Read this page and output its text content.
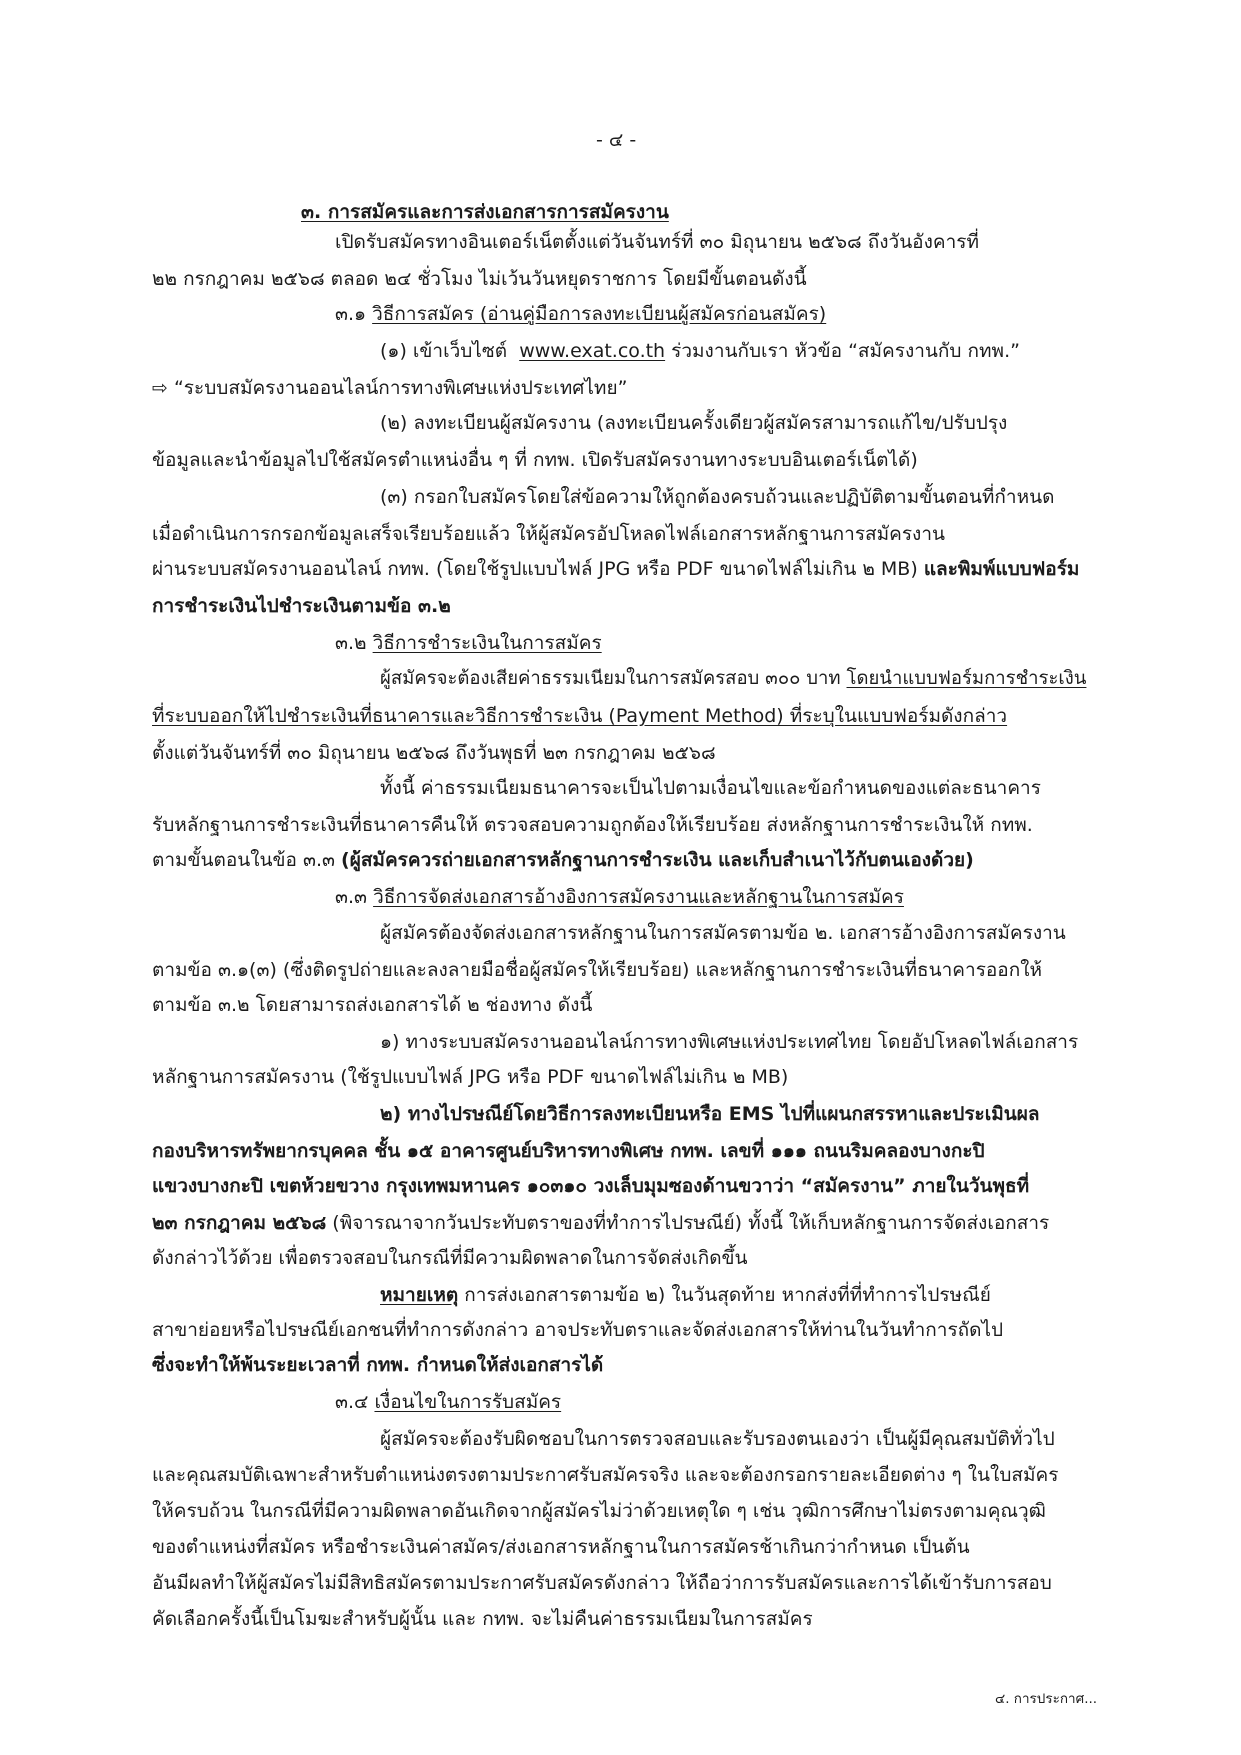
- ๔ -
๓. การสมัครและการส่งเอกสารการสมัครงาน
เปิดรับสมัครทางอินเตอร์เน็ตตั้งแต่วันจันทร์ที่ ๓๐ มิถุนายน ๒๕๖๘ ถึงวันอังคารที่
๒๒ กรกฎาคม ๒๕๖๘ ตลอด ๒๔ ชั่วโมง ไม่เว้นวันหยุดราชการ โดยมีขั้นตอนดังนี้
๓.๑ วิธีการสมัคร (อ่านคู่มือการลงทะเบียนผู้สมัครก่อนสมัคร)
(๑) เข้าเว็บไซต์ www.exat.co.th ร่วมงานกับเรา หัวข้อ “สมัครงานกับ กทพ.”
⇨ “ระบบสมัครงานออนไลน์การทางพิเศษแห่งประเทศไทย”
(๒) ลงทะเบียนผู้สมัครงาน (ลงทะเบียนครั้งเดียวผู้สมัครสามารถแก้ไข/ปรับปรุง
ข้อมูลและนำข้อมูลไปใช้สมัครตำแหน่งอื่น ๆ ที่ กทพ. เปิดรับสมัครงานทางระบบอินเตอร์เน็ตได้)
(๓) กรอกใบสมัครโดยใส่ข้อความให้ถูกต้องครบถ้วนและปฏิบัติตามขั้นตอนที่กำหนด
เมื่อดำเนินการกรอกข้อมูลเสร็จเรียบร้อยแล้ว ให้ผู้สมัครอัปโหลดไฟล์เอกสารหลักฐานการสมัครงาน
ผ่านระบบสมัครงานออนไลน์ กทพ. (โดยใช้รูปแบบไฟล์ JPG หรือ PDF ขนาดไฟล์ไม่เกิน ๒ MB) และพิมพ์แบบฟอร์ม
การชำระเงินไปชำระเงินตามข้อ ๓.๒
๓.๒ วิธีการชำระเงินในการสมัคร
ผู้สมัครจะต้องเสียค่าธรรมเนียมในการสมัครสอบ ๓๐๐ บาท โดยนำแบบฟอร์มการชำระเงิน
ที่ระบบออกให้ไปชำระเงินที่ธนาคารและวิธีการชำระเงิน (Payment Method) ที่ระบุในแบบฟอร์มดังกล่าว
ตั้งแต่วันจันทร์ที่ ๓๐ มิถุนายน ๒๕๖๘ ถึงวันพุธที่ ๒๓ กรกฎาคม ๒๕๖๘
ทั้งนี้ ค่าธรรมเนียมธนาคารจะเป็นไปตามเงื่อนไขและข้อกำหนดของแต่ละธนาคาร
รับหลักฐานการชำระเงินที่ธนาคารคืนให้ ตรวจสอบความถูกต้องให้เรียบร้อย ส่งหลักฐานการชำระเงินให้ กทพ.
ตามขั้นตอนในข้อ ๓.๓ (ผู้สมัครควรถ่ายเอกสารหลักฐานการชำระเงิน และเก็บสำเนาไว้กับตนเองด้วย)
๓.๓ วิธีการจัดส่งเอกสารอ้างอิงการสมัครงานและหลักฐานในการสมัคร
ผู้สมัครต้องจัดส่งเอกสารหลักฐานในการสมัครตามข้อ ๒. เอกสารอ้างอิงการสมัครงาน
ตามข้อ ๓.๑(๓) (ซึ่งติดรูปถ่ายและลงลายมือชื่อผู้สมัครให้เรียบร้อย) และหลักฐานการชำระเงินที่ธนาคารออกให้
ตามข้อ ๓.๒ โดยสามารถส่งเอกสารได้ ๒ ช่องทาง ดังนี้
๑) ทางระบบสมัครงานออนไลน์การทางพิเศษแห่งประเทศไทย โดยอัปโหลดไฟล์เอกสาร
หลักฐานการสมัครงาน (ใช้รูปแบบไฟล์ JPG หรือ PDF ขนาดไฟล์ไม่เกิน ๒ MB)
๒) ทางไปรษณีย์โดยวิธีการลงทะเบียนหรือ EMS ไปที่แผนกสรรหาและประเมินผล
กองบริหารทรัพยากรบุคคล ชั้น ๑๕ อาคารศูนย์บริหารทางพิเศษ กทพ. เลขที่ ๑๑๑ ถนนริมคลองบางกะปิ
แขวงบางกะปิ เขตห้วยขวาง กรุงเทพมหานคร ๑๐๓๑๐ วงเล็บมุมซองด้านขวาว่า “สมัครงาน” ภายในวันพุธที่
๒๓ กรกฎาคม ๒๕๖๘ (พิจารณาจากวันประทับตราของที่ทำการไปรษณีย์) ทั้งนี้ ให้เก็บหลักฐานการจัดส่งเอกสาร
ดังกล่าวไว้ด้วย เพื่อตรวจสอบในกรณีที่มีความผิดพลาดในการจัดส่งเกิดขึ้น
หมายเหตุ การส่งเอกสารตามข้อ ๒) ในวันสุดท้าย หากส่งที่ที่ทำการไปรษณีย์
สาขาย่อยหรือไปรษณีย์เอกชนที่ทำการดังกล่าว อาจประทับตราและจัดส่งเอกสารให้ท่านในวันทำการถัดไป
ซึ่งจะทำให้พ้นระยะเวลาที่ กทพ. กำหนดให้ส่งเอกสารได้
๓.๔ เงื่อนไขในการรับสมัคร
ผู้สมัครจะต้องรับผิดชอบในการตรวจสอบและรับรองตนเองว่า เป็นผู้มีคุณสมบัติทั่วไป
และคุณสมบัติเฉพาะสำหรับตำแหน่งตรงตามประกาศรับสมัครจริง และจะต้องกรอกรายละเอียดต่าง ๆ ในใบสมัคร
ให้ครบถ้วน ในกรณีที่มีความผิดพลาดอันเกิดจากผู้สมัครไม่ว่าด้วยเหตุใด ๆ เช่น วุฒิการศึกษาไม่ตรงตามคุณวุฒิ
ของตำแหน่งที่สมัคร หรือชำระเงินค่าสมัคร/ส่งเอกสารหลักฐานในการสมัครช้าเกินกว่ากำหนด เป็นต้น
อันมีผลทำให้ผู้สมัครไม่มีสิทธิสมัครตามประกาศรับสมัครดังกล่าว ให้ถือว่าการรับสมัครและการได้เข้ารับการสอบ
คัดเลือกครั้งนี้เป็นโมฆะสำหรับผู้นั้น และ กทพ. จะไม่คืนค่าธรรมเนียมในการสมัคร
๔. การประกาศ...
